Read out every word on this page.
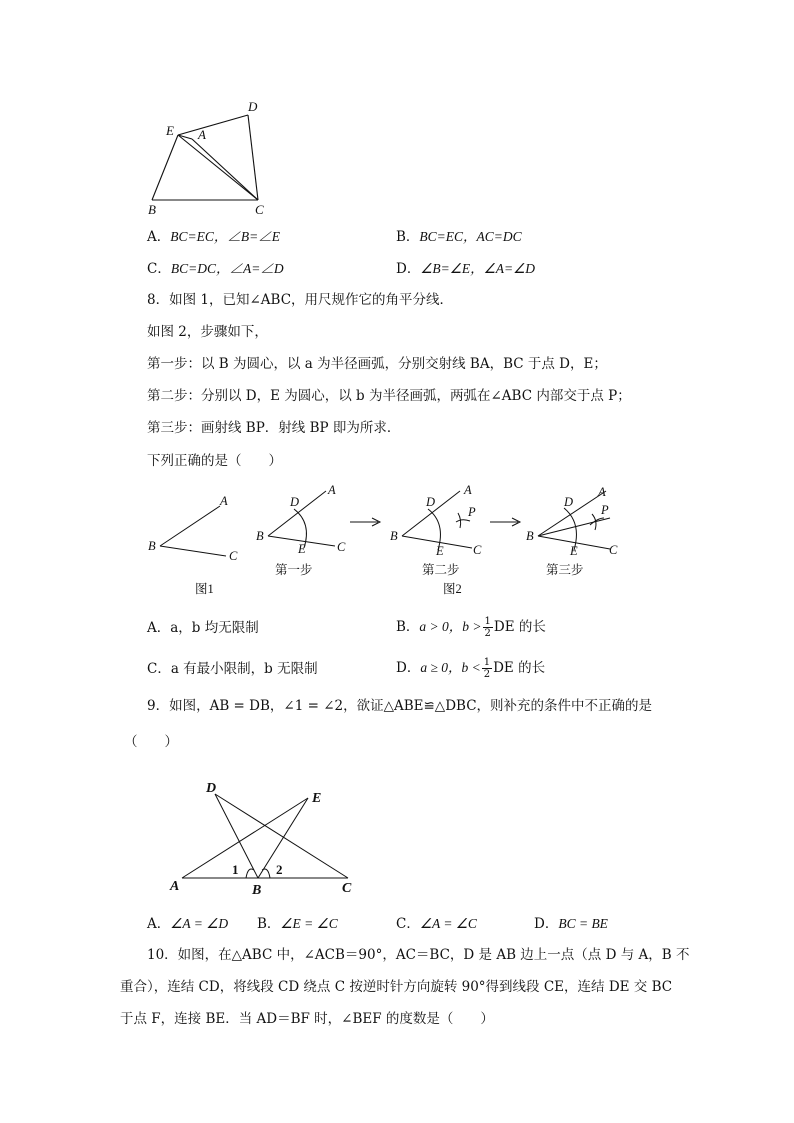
D
E A
B	C
A．BC=EC，∠B=∠E	B．BC=EC，AC=DC
C．BC=DC，∠A=∠D	D．∠B=∠E，∠A=∠D
8．如图 1，已知∠ABC，用尺规作它的角平分线．
如图 2，步骤如下，
第一步：以 B 为圆心，以 a 为半径画弧，分别交射线 BA，BC 于点 D，E；
第二步：分别以 D，E 为圆心，以 b 为半径画弧，两弧在∠ABC 内部交于点 P；
第三步：画射线 BP．射线 BP 即为所求．
下列正确的是（　　）
A
B
C
D
A
B
E	C
D
A
P
B
E C
D
A
P
B
E	C
图1
第一步	第二步
图2
第三步
A．a，b 均无限制	B．a > 0，$b > \frac{1}{2}$ DE 的长
C．a 有最小限制，b 无限制	D．a ≥ 0，$b < \frac{1}{2}$ DE 的长
9．如图，AB = DB，∠1 = ∠2，欲证△ABE≌△DBC，则补充的条件中不正确的是
（　　）
D
E
A	B	C
1	2
A．∠A = ∠D B．∠E = ∠C	C．∠A = ∠C	D．BC = BE
10．如图，在△ABC 中，∠ACB＝90°，AC＝BC，D 是 AB 边上一点（点 D 与 A，B 不
重合），连结 CD，将线段 CD 绕点 C 按逆时针方向旋转 90°得到线段 CE，连结 DE 交 BC
于点 F，连接 BE．当 AD＝BF 时，∠BEF 的度数是（　　）
